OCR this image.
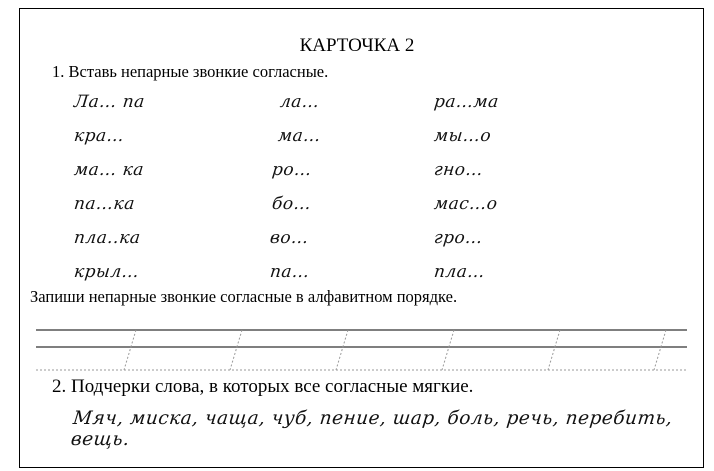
КАРТОЧКА 2
1. Вставь непарные звонкие согласные.
Ла… па	ла…	ра…ма
кра…	ма…	мы…о
ма… ка	ро…	гно…
па…ка	бо…	мас…о
пла..ка	во…	гро…
крыл…	па…	пла…
Запиши непарные звонкие согласные в алфавитном порядке.
2. Подчерки слова, в которых все согласные мягкие.
Мяч, миска, чаща, чуб, пение, шар, боль, речь, перебить, вещь.
